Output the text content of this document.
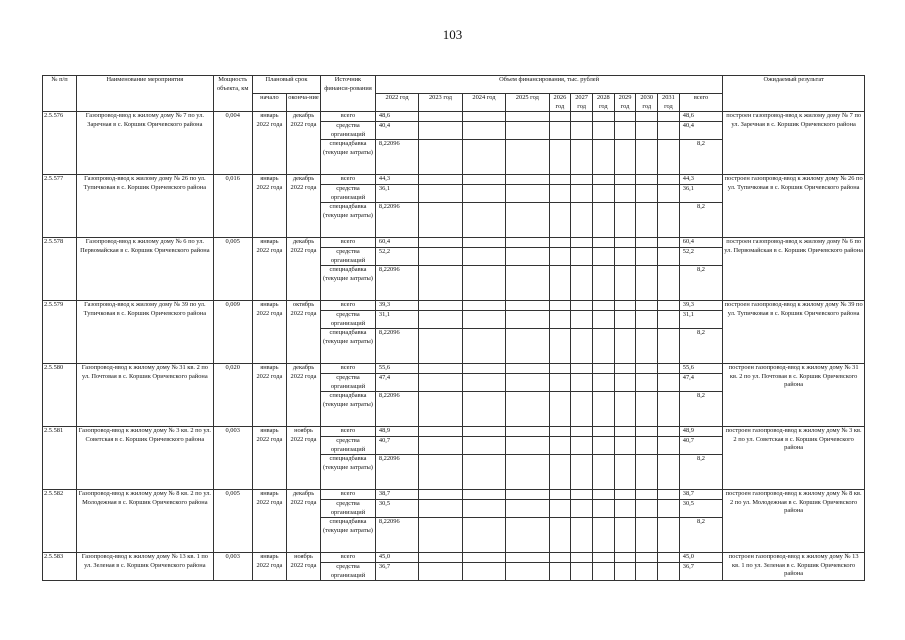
103
№ п/п	Наименование мероприятия	Мощность объекта, км	Плановый срок		Источник финанси-рования	Объем финансирования, тыс. рублей											Ожидаемый результат
			начало	оконча-ние		2022 год	2023 год	2024 год	2025 год	2026 год	2027 год	2028 год	2029 год	2030 год	2031 год	всего	
2.5.576	Газопровод-ввод к жилому дому № 7 по ул. Заречная в с. Коршик Оричевского района	0,004	январь 2022 года	декабрь 2022 года	всего	48,6										48,6	построен газопровод-ввод к жилому дому № 7 по ул. Заречная в с. Коршик Оричевского района
					средства организаций	40,4										40,4	
					спецнадбавка (текущие затраты)	8,22096										8,2	
2.5.577	Газопровод-ввод к жилому дому № 26 по ул. Тупичковая в с. Коршик Оричевского района	0,016	январь 2022 года	декабрь 2022 года	всего	44,3										44,3	построен газопровод-ввод к жилому дому № 26 по ул. Тупичковая в с. Коршик Оричевского района
					средства организаций	36,1										36,1	
					спецнадбавка (текущие затраты)	8,22096										8,2	
2.5.578	Газопровод-ввод к жилому дому № 6 по ул. Первомайская в с. Коршик Оричевского района	0,005	январь 2022 года	декабрь 2022 года	всего	60,4										60,4	построен газопровод-ввод к жилому дому № 6 по ул. Первомайская в с. Коршик Оричевского района
					средства организаций	52,2										52,2	
					спецнадбавка (текущие затраты)	8,22096										8,2	
2.5.579	Газопровод-ввод к жилому дому № 39 по ул. Тупичковая в с. Коршик Оричевского района	0,009	январь 2022 года	октябрь 2022 года	всего	39,3										39,3	построен газопровод-ввод к жилому дому № 39 по ул. Тупичковая в с. Коршик Оричевского района
					средства организаций	31,1										31,1	
					спецнадбавка (текущие затраты)	8,22096										8,2	
2.5.580	Газопровод-ввод к жилому дому № 31 кв. 2 по ул. Почтовая в с. Коршик Оричевского района	0,020	январь 2022 года	декабрь 2022 года	всего	55,6										55,6	построен газопровод-ввод к жилому дому № 31 кв. 2 по ул. Почтовая в с. Коршик Оричевского района
					средства организаций	47,4										47,4	
					спецнадбавка (текущие затраты)	8,22096										8,2	
2.5.581	Газопровод-ввод к жилому дому № 3 кв. 2 по ул. Советская в с. Коршик Оричевского района	0,003	январь 2022 года	ноябрь 2022 года	всего	48,9										48,9	построен газопровод-ввод к жилому дому № 3 кв. 2 по ул. Советская в с. Коршик Оричевского района
					средства организаций	40,7										40,7	
					спецнадбавка (текущие затраты)	8,22096										8,2	
2.5.582	Газопровод-ввод к жилому дому № 8 кв. 2 по ул. Молодежная в с. Коршик Оричевского района	0,005	январь 2022 года	декабрь 2022 года	всего	38,7										38,7	построен газопровод-ввод к жилому дому № 8 кв. 2 по ул. Молодежная в с. Коршик Оричевского района
					средства организаций	30,5										30,5	
					спецнадбавка (текущие затраты)	8,22096										8,2	
2.5.583	Газопровод-ввод к жилому дому № 13 кв. 1 по ул. Зеленая в с. Коршик Оричевского района	0,003	январь 2022 года	ноябрь 2022 года	всего	45,0										45,0	построен газопровод-ввод к жилому дому № 13 кв. 1 по ул. Зеленая в с. Коршик Оричевского района
					средства организаций	36,7										36,7	
